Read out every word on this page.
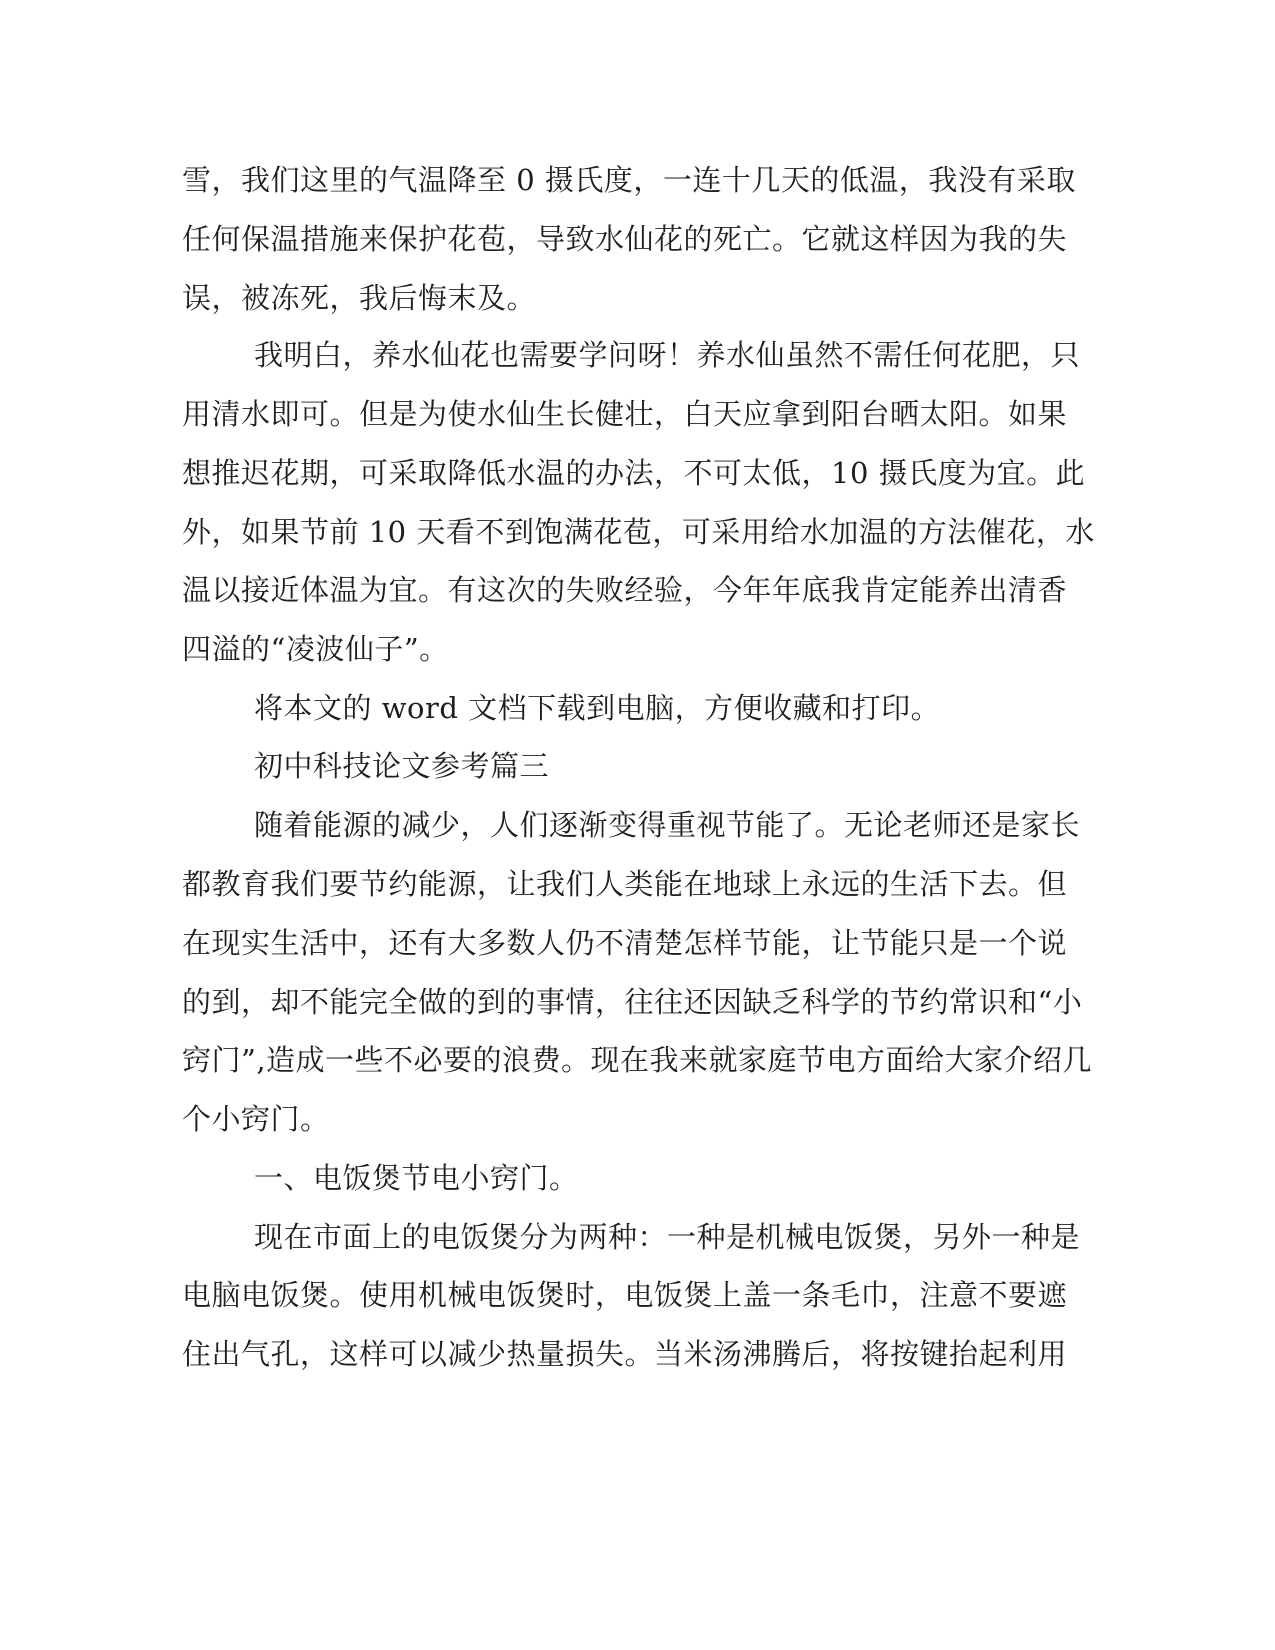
雪，我们这里的气温降至 0 摄氏度，一连十几天的低温，我没有采取
任何保温措施来保护花苞，导致水仙花的死亡。它就这样因为我的失
误，被冻死，我后悔末及。
我明白，养水仙花也需要学问呀！养水仙虽然不需任何花肥，只
用清水即可。但是为使水仙生长健壮，白天应拿到阳台晒太阳。如果
想推迟花期，可采取降低水温的办法，不可太低，10 摄氏度为宜。此
外，如果节前 10 天看不到饱满花苞，可采用给水加温的方法催花，水
温以接近体温为宜。有这次的失败经验，今年年底我肯定能养出清香
四溢的“凌波仙子”。
将本文的 word 文档下载到电脑，方便收藏和打印。
初中科技论文参考篇三
随着能源的减少，人们逐渐变得重视节能了。无论老师还是家长
都教育我们要节约能源，让我们人类能在地球上永远的生活下去。但
在现实生活中，还有大多数人仍不清楚怎样节能，让节能只是一个说
的到，却不能完全做的到的事情，往往还因缺乏科学的节约常识和“小
窍门”,造成一些不必要的浪费。现在我来就家庭节电方面给大家介绍几
个小窍门。
一、电饭煲节电小窍门。
现在市面上的电饭煲分为两种：一种是机械电饭煲，另外一种是
电脑电饭煲。使用机械电饭煲时，电饭煲上盖一条毛巾，注意不要遮
住出气孔，这样可以减少热量损失。当米汤沸腾后，将按键抬起利用
